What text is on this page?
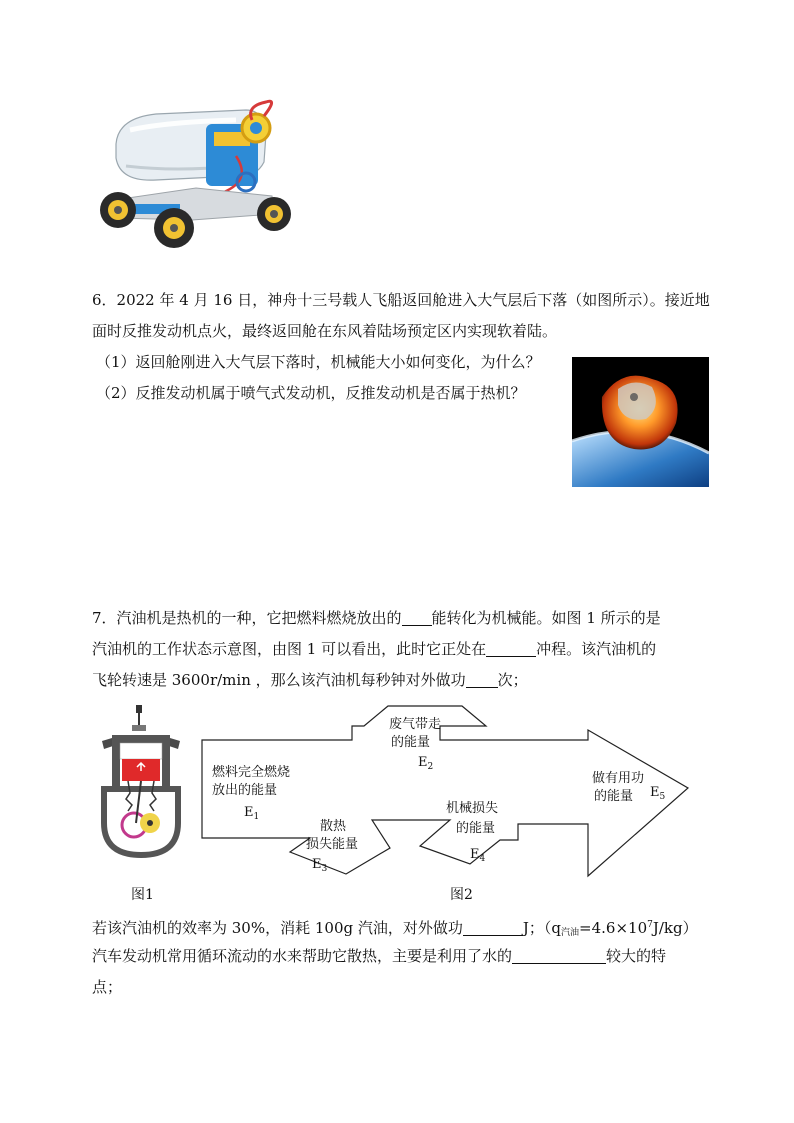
6．2022 年 4 月 16 日，神舟十三号载人飞船返回舱进入大气层后下落（如图所示）。接近地面时反推发动机点火，最终返回舱在东风着陆场预定区内实现软着陆。

（1）返回舱刚进入大气层下落时，机械能大小如何变化，为什么？

（2）反推发动机属于喷气式发动机，反推发动机是否属于热机？

7．汽油机是热机的一种，它把燃料燃烧放出的 能转化为机械能。如图 1 所示的是

汽油机的工作状态示意图，由图 1 可以看出，此时它正处在	冲程。该汽油机的

飞轮转速是 3600r/min ，那么该汽油机每秒钟对外做功 次；

图1
燃料完全燃烧
放出的能量
$E_1$
废气带走
的能量
$E_2$
散热
损失能量
$E_3$
机械损失
的能量
$E_4$
做有用功
的能量 $E_5$
图2

若该汽油机的效率为 30%，消耗 100g 汽油，对外做功	J；$(q_{汽油}=4.6\times 10^7J/kg)$

汽车发动机常用循环流动的水来帮助它散热，主要是利用了水的	较大的特

点；
